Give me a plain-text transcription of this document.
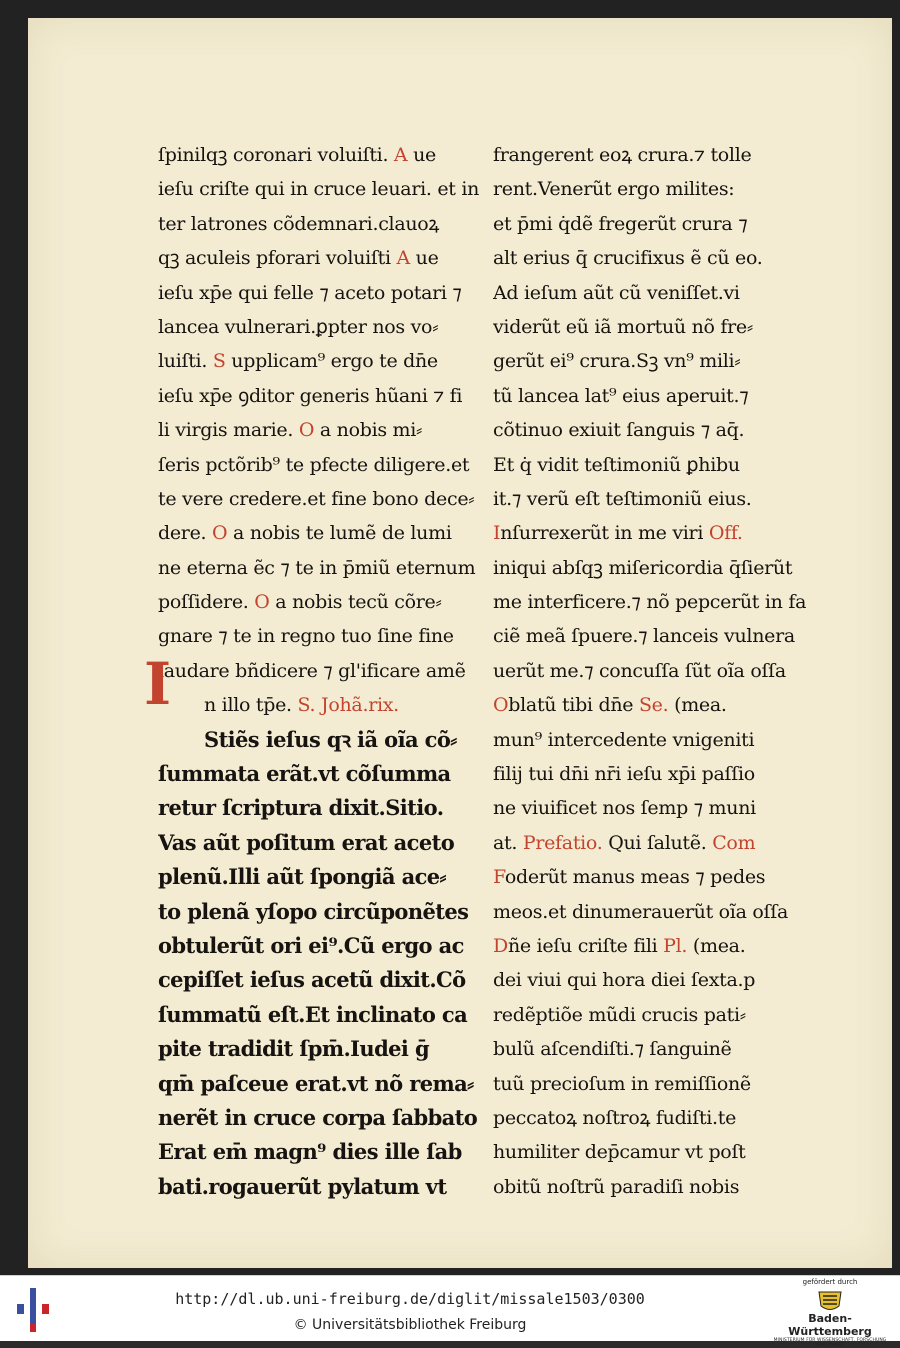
I
ſpinilqꝫ coronari voluiſti. A ue
ieſu criſte qui in cruce leuari. et in
ter latrones cõdemnari.clauoꝝ
qꝫ aculeis pforari voluiſti A ue
ieſu xp̄e qui felle ⁊ aceto potari ⁊
lancea vulnerari.ꝑpter nos vo⸗
luiſti. S upplicam⁹ ergo te dn̄e
ieſu xp̄e ꝯditor generis hũani ⁊ fi
li virgis marie. O a nobis mi⸗
ſeris pctõrib⁹ te pfecte diligere.et
te vere credere.et fine bono dece⸗
dere. O a nobis te lumẽ de lumi
ne eterna ẽc ⁊ te in p̄miũ eternum
poſſidere. O a nobis tecũ cõre⸗
gnare ⁊ te in regno tuo ſine fine
laudare bñdicere ⁊ gl'ificare amẽ
n illo tp̄e. S. Johã.rix.
Stiẽs ieſus qꝛ iã oĩa cõ⸗
ſummata erãt.vt cõſumma
retur ſcriptura dixit.Sitio.
Vas aũt poſitum erat aceto
plenũ.Illi aũt ſpongiã ace⸗
to plenã yſopo circũponẽtes
obtulerũt ori ei⁹.Cũ ergo ac
cepiſſet ieſus acetũ dixit.Cõ
ſummatũ eſt.Et inclinato ca
pite tradidit ſpm̄.Iudei ḡ
qm̄ paſceue erat.vt nõ rema⸗
nerẽt in cruce corpa ſabbato
Erat em̄ magn⁹ dies ille ſab
bati.rogauerũt pylatum vt
frangerent eoꝝ crura.⁊ tolle
rent.Venerũt ergo milites:
et p̄mi q̇dẽ fregerũt crura ⁊
alt erius q̄ crucifixus ẽ cũ eo.
Ad ieſum aũt cũ veniſſet.vi
viderũt eũ iã mortuũ nõ fre⸗
gerũt ei⁹ crura.Sꝫ vn⁹ mili⸗
tũ lancea lat⁹ eius aperuit.⁊
cõtinuo exiuit ſanguis ⁊ aq̄.
Et q̇ vidit teſtimoniũ ꝑhibu
it.⁊ verũ eſt teſtimoniũ eius.
Inſurrexerũt in me viri Off.
iniqui abſqꝫ miſericordia q̄ſierũt
me interficere.⁊ nõ pepcerũt in fa
ciẽ meã ſpuere.⁊ lanceis vulnera
uerũt me.⁊ concuſſa ſũt oĩa oſſa
Oblatũ tibi dn̄e Se. (mea.
mun⁹ intercedente vnigeniti
filij tui dn̄i nr̄i ieſu xp̄i paſſio
ne viuificet nos ſemp ⁊ muni
at. Prefatio. Qui ſalutẽ. Com
Foderũt manus meas ⁊ pedes
meos.et dinumerauerũt oĩa oſſa
Dñe ieſu criſte fili Pl. (mea.
dei viui qui hora diei ſexta.p
redẽptiõe mũdi crucis pati⸗
bulũ aſcendiſti.⁊ ſanguinẽ
tuũ precioſum in remiſſionẽ
peccatoꝝ noſtroꝝ fudiſti.te
humiliter dep̄camur vt poſt
obitũ noſtrũ paradiſi nobis
http://dl.ub.uni-freiburg.de/diglit/missale1503/0300
© Universitätsbibliothek Freiburg
gefördert durch
Baden-Württemberg
MINISTERIUM FÜR WISSENSCHAFT, FORSCHUNG UND KUNST
